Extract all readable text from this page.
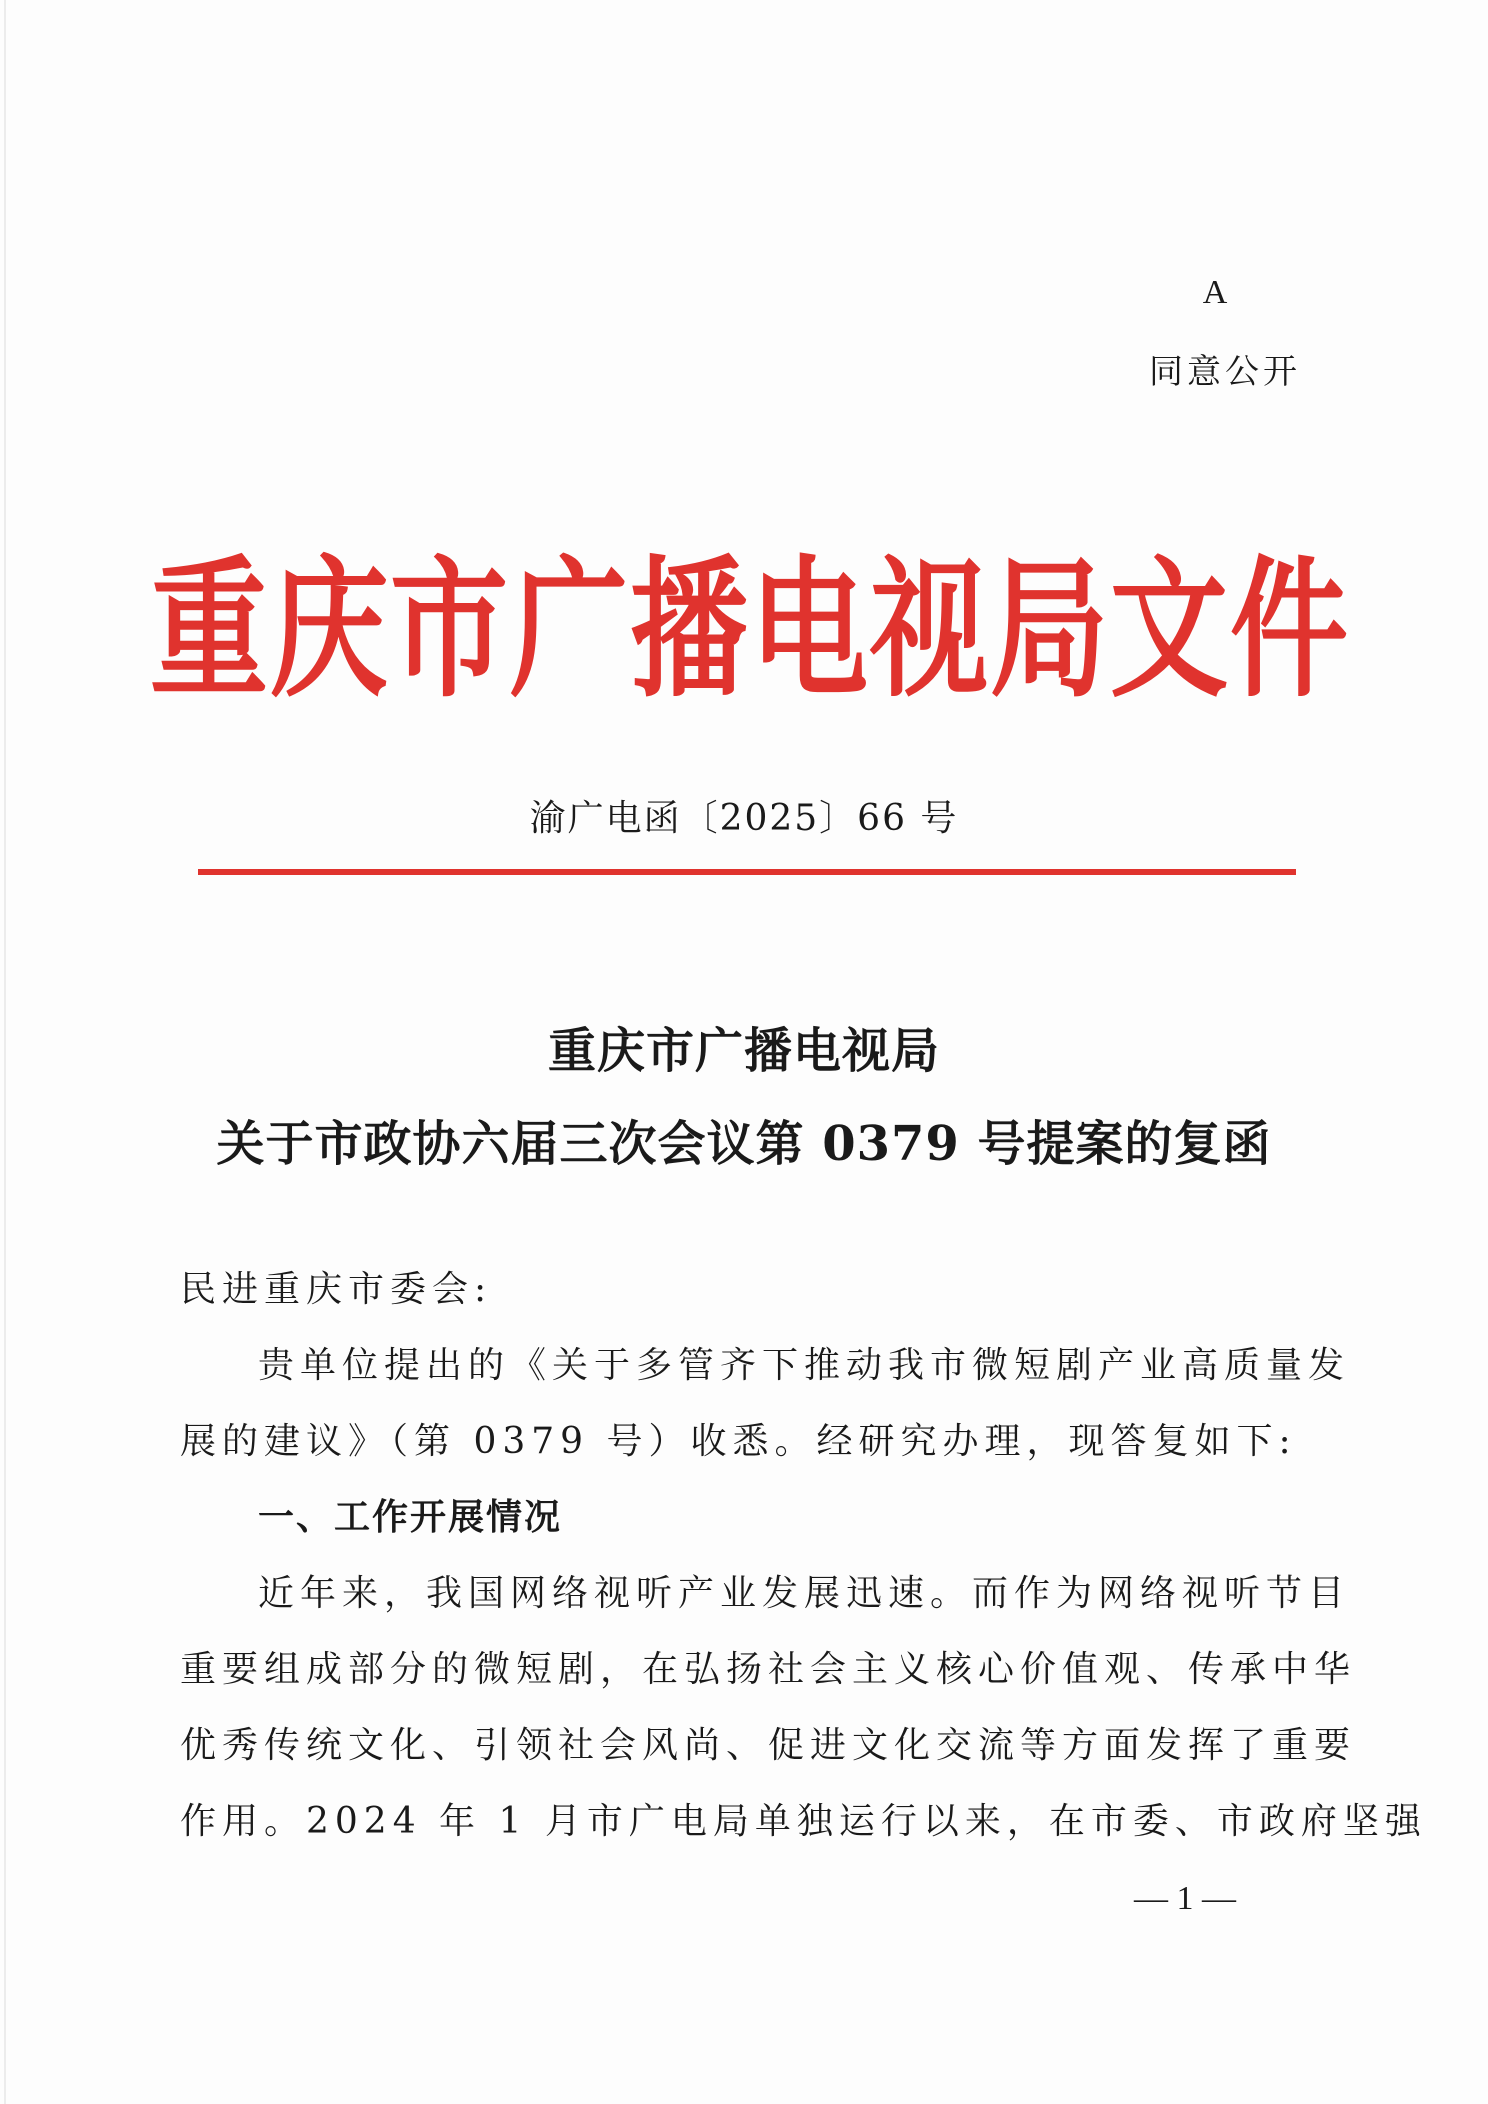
A
同意公开
重庆市广播电视局文件
渝广电函〔2025〕66 号
重庆市广播电视局
关于市政协六届三次会议第 0379 号提案的复函
民进重庆市委会:
贵单位提出的《关于多管齐下推动我市微短剧产业高质量发
展的建议》（第 0379 号）收悉。经研究办理，现答复如下:
一、工作开展情况
近年来，我国网络视听产业发展迅速。而作为网络视听节目
重要组成部分的微短剧，在弘扬社会主义核心价值观、传承中华
优秀传统文化、引领社会风尚、促进文化交流等方面发挥了重要
作用。2024 年 1 月市广电局单独运行以来，在市委、市政府坚强
— 1 —
